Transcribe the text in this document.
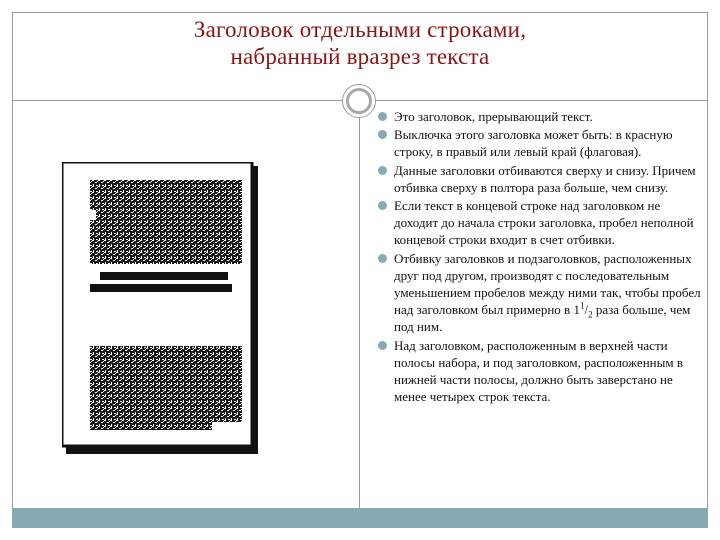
Заголовок отдельными строками,
набранный вразрез текста
Это заголовок, прерывающий текст.
Выключка этого заголовка может быть: в красную строку, в правый или левый край (флаговая).
Данные заголовки отбиваются сверху и снизу. Причем отбивка сверху в полтора раза больше, чем снизу.
Если текст в концевой строке над заголовком не доходит до начала строки заголовка, пробел неполной концевой строки входит в счет отбивки.
Отбивку заголовков и подзаголовков, расположенных друг под другом, производят с последовательным уменьшением пробелов между ними так, чтобы пробел над заголовком был примерно в $1^1/_2$ раза больше, чем под ним.
Над заголовком, расположенным в верхней части полосы набора, и под заголовком, расположенным в нижней части полосы, должно быть заверстано не менее четырех строк текста.
